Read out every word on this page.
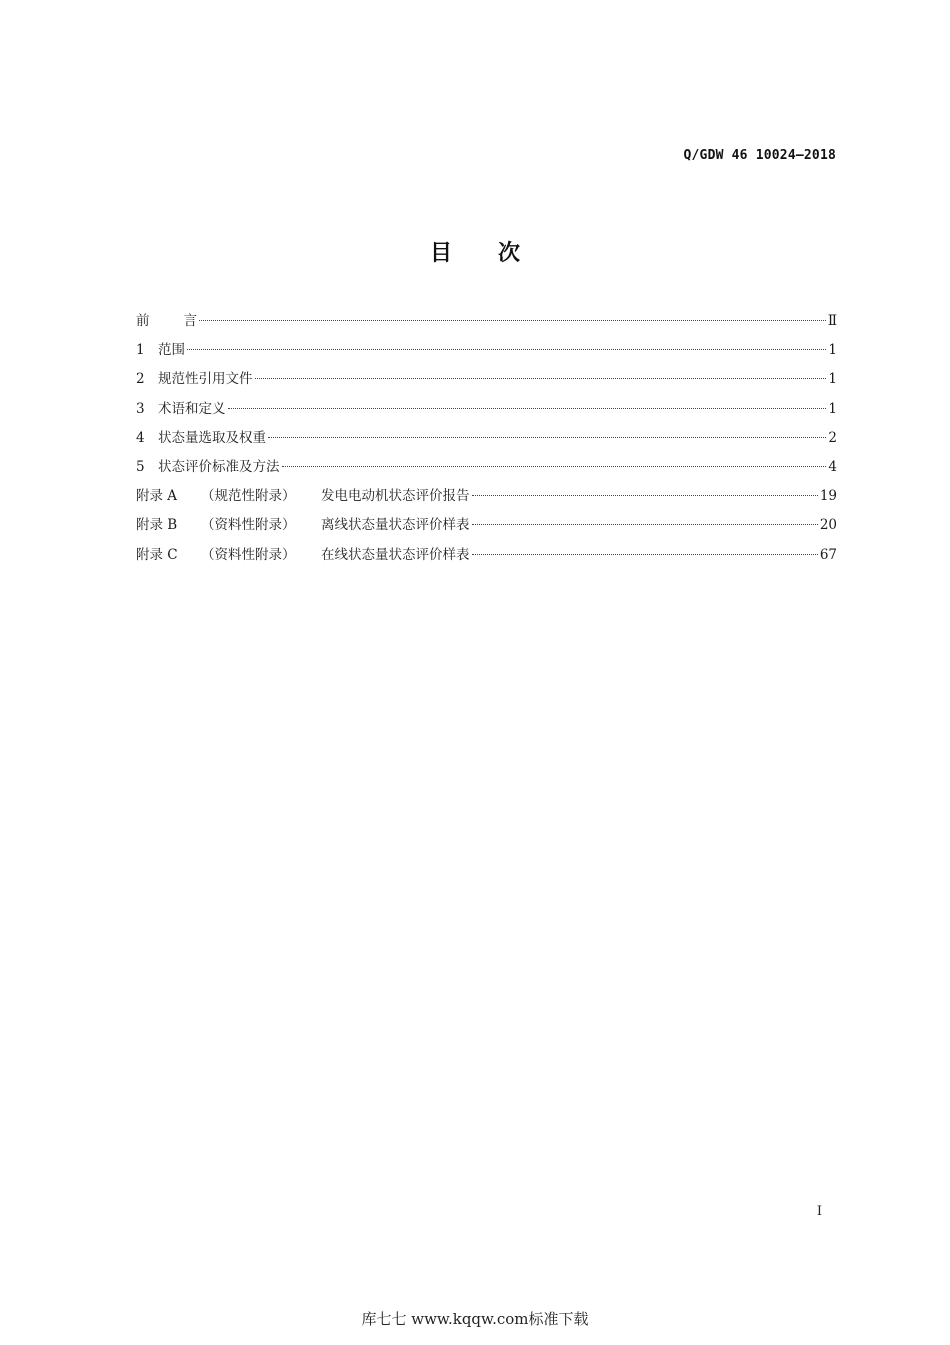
Q/GDW 46 10024—2018
目 次
前	言	Ⅱ
1 范围	1
2 规范性引用文件	1
3 术语和定义	1
4 状态量选取及权重	2
5 状态评价标准及方法	4
附录 A	（规范性附录）	发电电动机状态评价报告	19
附录 B	（资料性附录）	离线状态量状态评价样表	20
附录 C	（资料性附录）	在线状态量状态评价样表	67
I
库七七 www.kqqw.com标准下载
